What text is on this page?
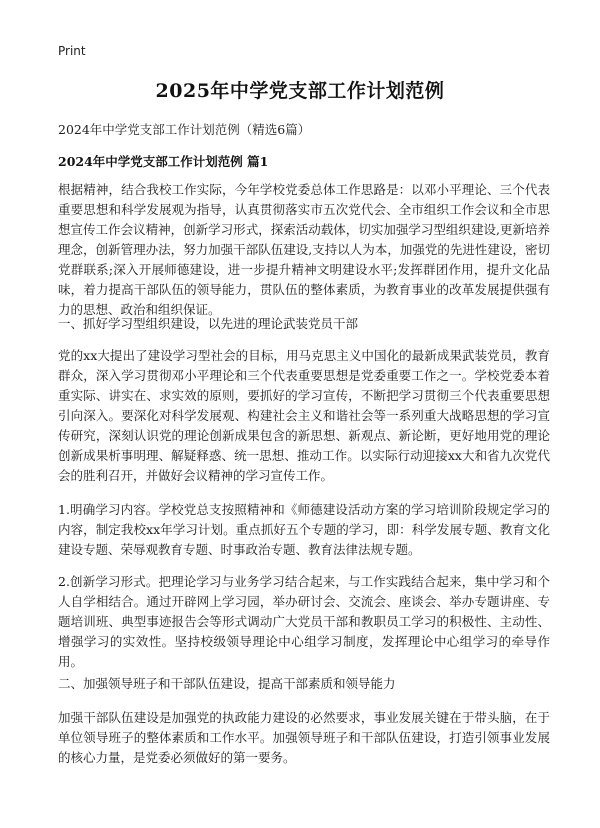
Print
2025年中学党支部工作计划范例
2024年中学党支部工作计划范例（精选6篇）
2024年中学党支部工作计划范例 篇1

根据精神，结合我校工作实际，今年学校党委总体工作思路是：以邓小平理论、三个代表重要思想和科学发展观为指导，认真贯彻落实市五次党代会、全市组织工作会议和全市思想宣传工作会议精神，创新学习形式，探索活动载体，切实加强学习型组织建设,更新培养理念，创新管理办法，努力加强干部队伍建设,支持以人为本，加强党的先进性建设，密切党群联系;深入开展师德建设，进一步提升精神文明建设水平;发挥群团作用，提升文化品味，着力提高干部队伍的领导能力，贯队伍的整体素质，为教育事业的改革发展提供强有力的思想、政治和组织保证。

一、抓好学习型组织建设，以先进的理论武装党员干部

党的xx大提出了建设学习型社会的目标，用马克思主义中国化的最新成果武装党员，教育群众，深入学习贯彻邓小平理论和三个代表重要思想是党委重要工作之一。学校党委本着重实际、讲实在、求实效的原则，要抓好的学习宣传，不断把学习贯彻三个代表重要思想引向深入。要深化对科学发展观、构建社会主义和谐社会等一系列重大战略思想的学习宣传研究，深刻认识党的理论创新成果包含的新思想、新观点、新论断，更好地用党的理论创新成果析事明理、解疑释惑、统一思想、推动工作。以实际行动迎接xx大和省九次党代会的胜利召开，并做好会议精神的学习宣传工作。

1.明确学习内容。学校党总支按照精神和《师德建设活动方案的学习培训阶段规定学习的内容，制定我校xx年学习计划。重点抓好五个专题的学习，即：科学发展专题、教育文化建设专题、荣辱观教育专题、时事政治专题、教育法律法规专题。

2.创新学习形式。把理论学习与业务学习结合起来，与工作实践结合起来，集中学习和个人自学相结合。通过开辟网上学习园，举办研讨会、交流会、座谈会、举办专题讲座、专题培训班、典型事迹报告会等形式调动广大党员干部和教职员工学习的积极性、主动性、增强学习的实效性。坚持校级领导理论中心组学习制度，发挥理论中心组学习的牵导作用。

二、加强领导班子和干部队伍建设，提高干部素质和领导能力

加强干部队伍建设是加强党的执政能力建设的必然要求，事业发展关键在于带头脑，在于单位领导班子的整体素质和工作水平。加强领导班子和干部队伍建设，打造引领事业发展的核心力量，是党委必须做好的第一要务。
